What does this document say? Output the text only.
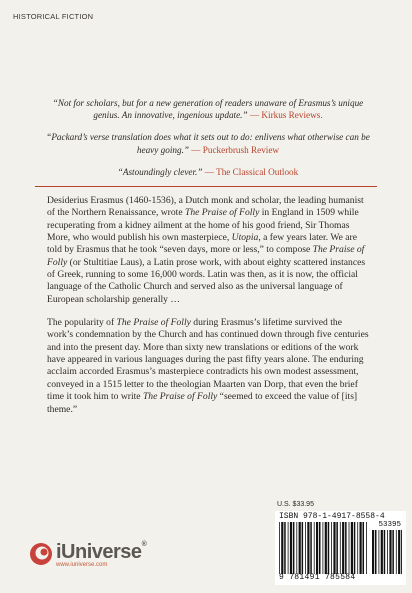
HISTORICAL FICTION
“Not for scholars, but for a new generation of readers unaware of Erasmus’s unique genius. An innovative, ingenious update.” — Kirkus Reviews.
“Packard’s verse translation does what it sets out to do: enlivens what otherwise can be heavy going.” — Puckerbrush Review
“Astoundingly clever.” — The Classical Outlook

Desiderius Erasmus (1460-1536), a Dutch monk and scholar, the leading humanist of the Northern Renaissance, wrote The Praise of Folly in England in 1509 while recuperating from a kidney ailment at the home of his good friend, Sir Thomas More, who would publish his own masterpiece, Utopia, a few years later. We are told by Erasmus that he took “seven days, more or less,” to compose The Praise of Folly (or Stultitiae Laus), a Latin prose work, with about eighty scattered instances of Greek, running to some 16,000 words. Latin was then, as it is now, the official language of the Catholic Church and served also as the universal language of European scholarship generally …

The popularity of The Praise of Folly during Erasmus’s lifetime survived the work’s condemnation by the Church and has continued down through five centuries and into the present day. More than sixty new translations or editions of the work have appeared in various languages during the past fifty years alone. The enduring acclaim accorded Erasmus’s masterpiece contradicts his own modest assessment, conveyed in a 1515 letter to the theologian Maarten van Dorp, that even the brief time it took him to write The Praise of Folly “seemed to exceed the value of [its] theme.”

iUniverse®
www.iuniverse.com
U.S. $33.95
ISBN 978-1-4917-8558-4
53395
9 781491 785584
